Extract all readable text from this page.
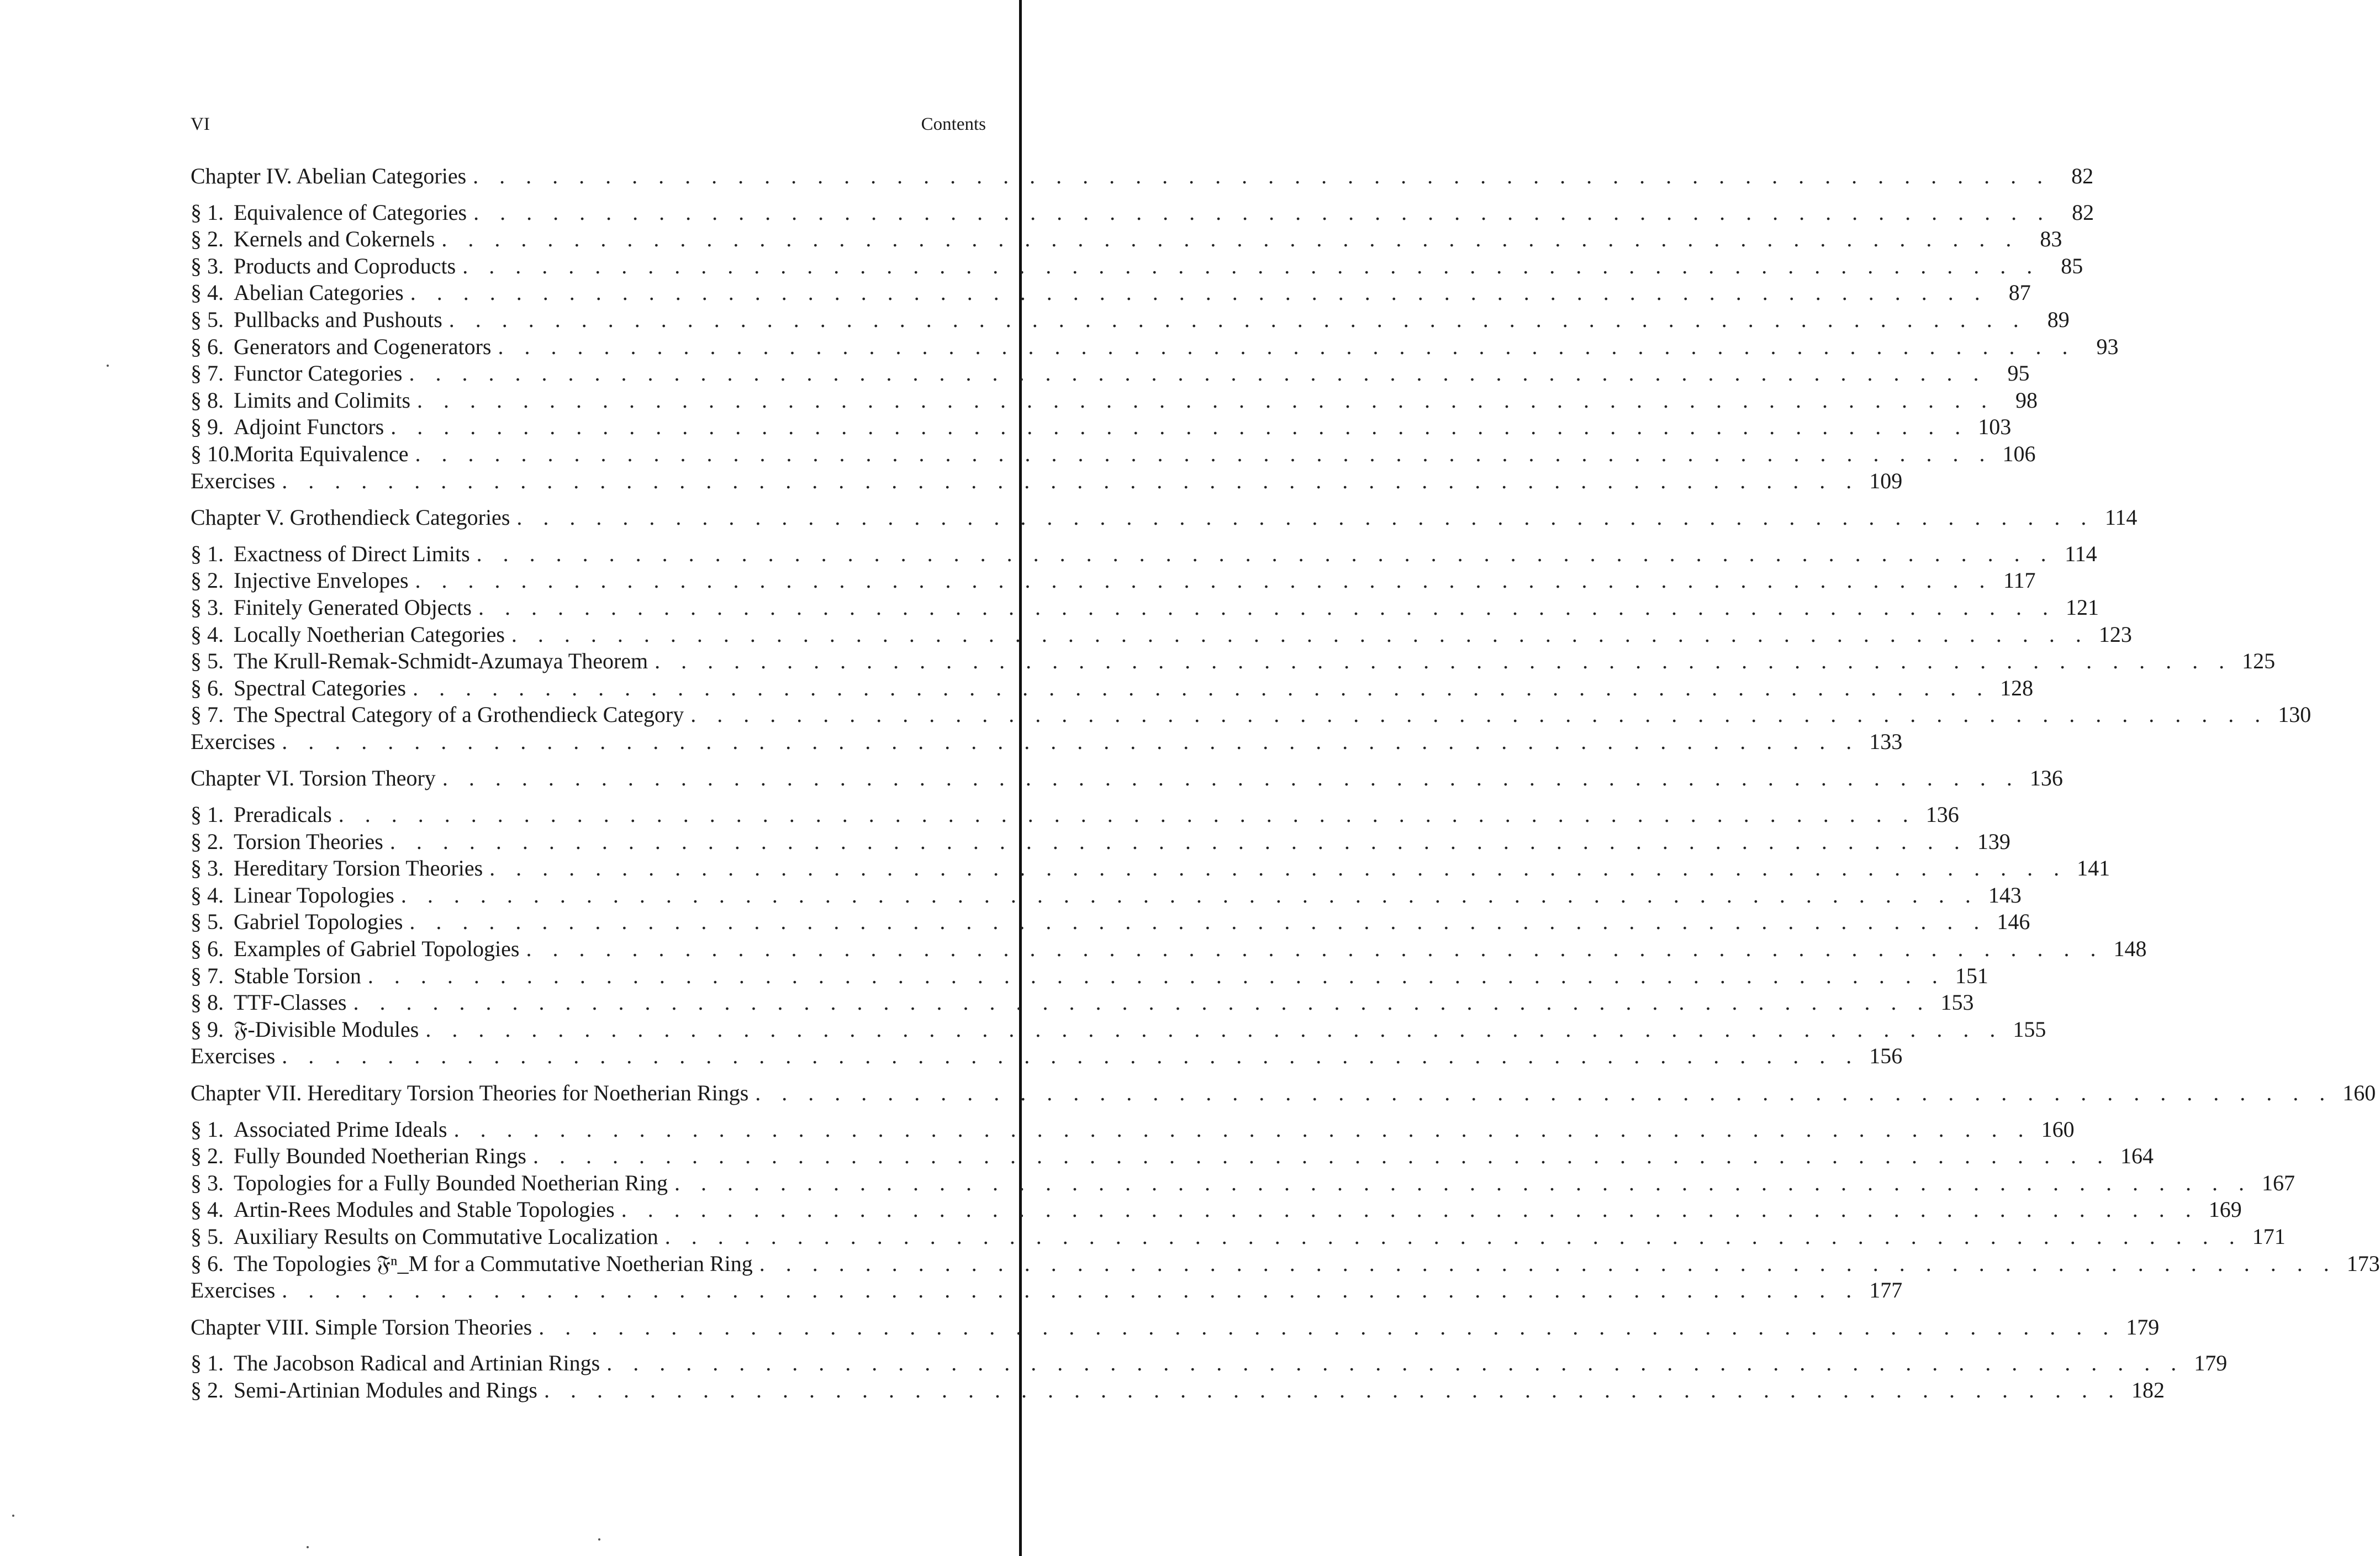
VI	Contents
Chapter IV. Abelian Categories . . . . . . . . . . . . . . . . . . . . . . . . . . . . . . . . . . . . . . . . . . . . . . . . . . . . . . . . . . . . 82
§ 1. Equivalence of Categories . . . . . . . . . . . . . . . . . . . . . . . . . . . . . . . . . . . . . . . . . . . . . . . . . . . . . . . . . . . . 82
§ 2. Kernels and Cokernels . . . . . . . . . . . . . . . . . . . . . . . . . . . . . . . . . . . . . . . . . . . . . . . . . . . . . . . . . . . . 83
§ 3. Products and Coproducts . . . . . . . . . . . . . . . . . . . . . . . . . . . . . . . . . . . . . . . . . . . . . . . . . . . . . . . . . . . . 85
§ 4. Abelian Categories . . . . . . . . . . . . . . . . . . . . . . . . . . . . . . . . . . . . . . . . . . . . . . . . . . . . . . . . . . . . 87
§ 5. Pullbacks and Pushouts . . . . . . . . . . . . . . . . . . . . . . . . . . . . . . . . . . . . . . . . . . . . . . . . . . . . . . . . . . . . 89
§ 6. Generators and Cogenerators . . . . . . . . . . . . . . . . . . . . . . . . . . . . . . . . . . . . . . . . . . . . . . . . . . . . . . . . . . . . 93
§ 7. Functor Categories . . . . . . . . . . . . . . . . . . . . . . . . . . . . . . . . . . . . . . . . . . . . . . . . . . . . . . . . . . . . 95
§ 8. Limits and Colimits . . . . . . . . . . . . . . . . . . . . . . . . . . . . . . . . . . . . . . . . . . . . . . . . . . . . . . . . . . . . 98
§ 9. Adjoint Functors . . . . . . . . . . . . . . . . . . . . . . . . . . . . . . . . . . . . . . . . . . . . . . . . . . . . . . . . . . . . 103
§ 10.
Morita Equivalence . . . . . . . . . . . . . . . . . . . . . . . . . . . . . . . . . . . . . . . . . . . . . . . . . . . . . . . . . . . . 106
Exercises . . . . . . . . . . . . . . . . . . . . . . . . . . . . . . . . . . . . . . . . . . . . . . . . . . . . . . . . . . . . 109
Chapter V. Grothendieck Categories . . . . . . . . . . . . . . . . . . . . . . . . . . . . . . . . . . . . . . . . . . . . . . . . . . . . . . . . . . . . 114
§ 1. Exactness of Direct Limits . . . . . . . . . . . . . . . . . . . . . . . . . . . . . . . . . . . . . . . . . . . . . . . . . . . . . . . . . . . . 114
§ 2. Injective Envelopes . . . . . . . . . . . . . . . . . . . . . . . . . . . . . . . . . . . . . . . . . . . . . . . . . . . . . . . . . . . . 117
§ 3. Finitely Generated Objects . . . . . . . . . . . . . . . . . . . . . . . . . . . . . . . . . . . . . . . . . . . . . . . . . . . . . . . . . . . . 121
§ 4. Locally Noetherian Categories . . . . . . . . . . . . . . . . . . . . . . . . . . . . . . . . . . . . . . . . . . . . . . . . . . . . . . . . . . . . 123
§ 5. The Krull-Remak-Schmidt-Azumaya Theorem . . . . . . . . . . . . . . . . . . . . . . . . . . . . . . . . . . . . . . . . . . . . . . . . . . . . . . . . . . . . 125
§ 6. Spectral Categories . . . . . . . . . . . . . . . . . . . . . . . . . . . . . . . . . . . . . . . . . . . . . . . . . . . . . . . . . . . . 128
§ 7. The Spectral Category of a Grothendieck Category . . . . . . . . . . . . . . . . . . . . . . . . . . . . . . . . . . . . . . . . . . . . . . . . . . . . . . . . . . . . 130
Exercises . . . . . . . . . . . . . . . . . . . . . . . . . . . . . . . . . . . . . . . . . . . . . . . . . . . . . . . . . . . . 133
Chapter VI. Torsion Theory . . . . . . . . . . . . . . . . . . . . . . . . . . . . . . . . . . . . . . . . . . . . . . . . . . . . . . . . . . . . 136
§ 1. Preradicals . . . . . . . . . . . . . . . . . . . . . . . . . . . . . . . . . . . . . . . . . . . . . . . . . . . . . . . . . . . . 136
§ 2. Torsion Theories . . . . . . . . . . . . . . . . . . . . . . . . . . . . . . . . . . . . . . . . . . . . . . . . . . . . . . . . . . . . 139
§ 3. Hereditary Torsion Theories . . . . . . . . . . . . . . . . . . . . . . . . . . . . . . . . . . . . . . . . . . . . . . . . . . . . . . . . . . . . 141
§ 4. Linear Topologies . . . . . . . . . . . . . . . . . . . . . . . . . . . . . . . . . . . . . . . . . . . . . . . . . . . . . . . . . . . . 143
§ 5. Gabriel Topologies . . . . . . . . . . . . . . . . . . . . . . . . . . . . . . . . . . . . . . . . . . . . . . . . . . . . . . . . . . . . 146
§ 6. Examples of Gabriel Topologies . . . . . . . . . . . . . . . . . . . . . . . . . . . . . . . . . . . . . . . . . . . . . . . . . . . . . . . . . . . . 148
§ 7. Stable Torsion . . . . . . . . . . . . . . . . . . . . . . . . . . . . . . . . . . . . . . . . . . . . . . . . . . . . . . . . . . . . 151
§ 8. TTF-Classes . . . . . . . . . . . . . . . . . . . . . . . . . . . . . . . . . . . . . . . . . . . . . . . . . . . . . . . . . . . . 153
§ 9. 𝔉-Divisible Modules . . . . . . . . . . . . . . . . . . . . . . . . . . . . . . . . . . . . . . . . . . . . . . . . . . . . . . . . . . . . 155
Exercises . . . . . . . . . . . . . . . . . . . . . . . . . . . . . . . . . . . . . . . . . . . . . . . . . . . . . . . . . . . . 156
Chapter VII. Hereditary Torsion Theories for Noetherian Rings . . . . . . . . . . . . . . . . . . . . . . . . . . . . . . . . . . . . . . . . . . . . . . . . . . . . . . . . . . . . 160
§ 1. Associated Prime Ideals . . . . . . . . . . . . . . . . . . . . . . . . . . . . . . . . . . . . . . . . . . . . . . . . . . . . . . . . . . . . 160
§ 2. Fully Bounded Noetherian Rings . . . . . . . . . . . . . . . . . . . . . . . . . . . . . . . . . . . . . . . . . . . . . . . . . . . . . . . . . . . . 164
§ 3. Topologies for a Fully Bounded Noetherian Ring . . . . . . . . . . . . . . . . . . . . . . . . . . . . . . . . . . . . . . . . . . . . . . . . . . . . . . . . . . . . 167
§ 4. Artin-Rees Modules and Stable Topologies . . . . . . . . . . . . . . . . . . . . . . . . . . . . . . . . . . . . . . . . . . . . . . . . . . . . . . . . . . . . 169
§ 5. Auxiliary Results on Commutative Localization . . . . . . . . . . . . . . . . . . . . . . . . . . . . . . . . . . . . . . . . . . . . . . . . . . . . . . . . . . . . 171
§ 6. The Topologies 𝔉ⁿ_M for a Commutative Noetherian Ring . . . . . . . . . . . . . . . . . . . . . . . . . . . . . . . . . . . . . . . . . . . . . . . . . . . . . . . . . . . . 173
Exercises . . . . . . . . . . . . . . . . . . . . . . . . . . . . . . . . . . . . . . . . . . . . . . . . . . . . . . . . . . . . 177
Chapter VIII. Simple Torsion Theories . . . . . . . . . . . . . . . . . . . . . . . . . . . . . . . . . . . . . . . . . . . . . . . . . . . . . . . . . . . . 179
§ 1. The Jacobson Radical and Artinian Rings . . . . . . . . . . . . . . . . . . . . . . . . . . . . . . . . . . . . . . . . . . . . . . . . . . . . . . . . . . . . 179
§ 2. Semi-Artinian Modules and Rings . . . . . . . . . . . . . . . . . . . . . . . . . . . . . . . . . . . . . . . . . . . . . . . . . . . . . . . . . . . . 182
